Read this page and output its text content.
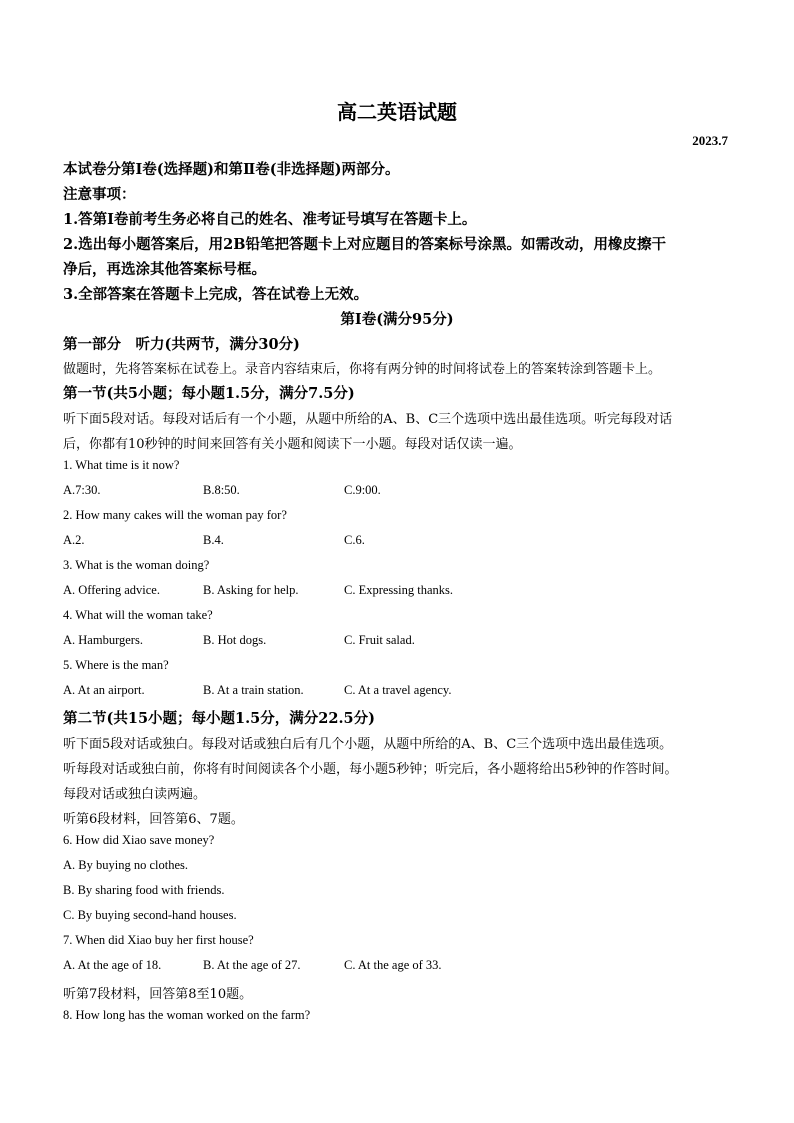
高二英语试题
2023.7
本试卷分第Ⅰ卷(选择题)和第Ⅱ卷(非选择题)两部分。
注意事项：
1.答第Ⅰ卷前考生务必将自己的姓名、准考证号填写在答题卡上。
2.选出每小题答案后，用2B铅笔把答题卡上对应题目的答案标号涂黑。如需改动，用橡皮擦干
净后，再选涂其他答案标号框。
3.全部答案在答题卡上完成，答在试卷上无效。
第Ⅰ卷(满分95分)
第一部分　听力(共两节，满分30分)
做题时，先将答案标在试卷上。录音内容结束后，你将有两分钟的时间将试卷上的答案转涂到答题卡上。
第一节(共5小题；每小题1.5分，满分7.5分)
听下面5段对话。每段对话后有一个小题，从题中所给的A、B、C三个选项中选出最佳选项。听完每段对话
后，你都有10秒钟的时间来回答有关小题和阅读下一小题。每段对话仅读一遍。
1. What time is it now?
A.7:30.	B.8:50.	C.9:00.
2. How many cakes will the woman pay for?
A.2.	B.4.	C.6.
3. What is the woman doing?
A. Offering advice.	B. Asking for help.	C. Expressing thanks.
4. What will the woman take?
A. Hamburgers.	B. Hot dogs.	C. Fruit salad.
5. Where is the man?
A. At an airport.	B. At a train station.	C. At a travel agency.
第二节(共15小题；每小题1.5分，满分22.5分)
听下面5段对话或独白。每段对话或独白后有几个小题，从题中所给的A、B、C三个选项中选出最佳选项。
听每段对话或独白前，你将有时间阅读各个小题，每小题5秒钟；听完后，各小题将给出5秒钟的作答时间。
每段对话或独白读两遍。
听第6段材料，回答第6、7题。
6. How did Xiao save money?
A. By buying no clothes.
B. By sharing food with friends.
C. By buying second-hand houses.
7. When did Xiao buy her first house?
A. At the age of 18.	B. At the age of 27.	C. At the age of 33.
听第7段材料，回答第8至10题。
8. How long has the woman worked on the farm?
